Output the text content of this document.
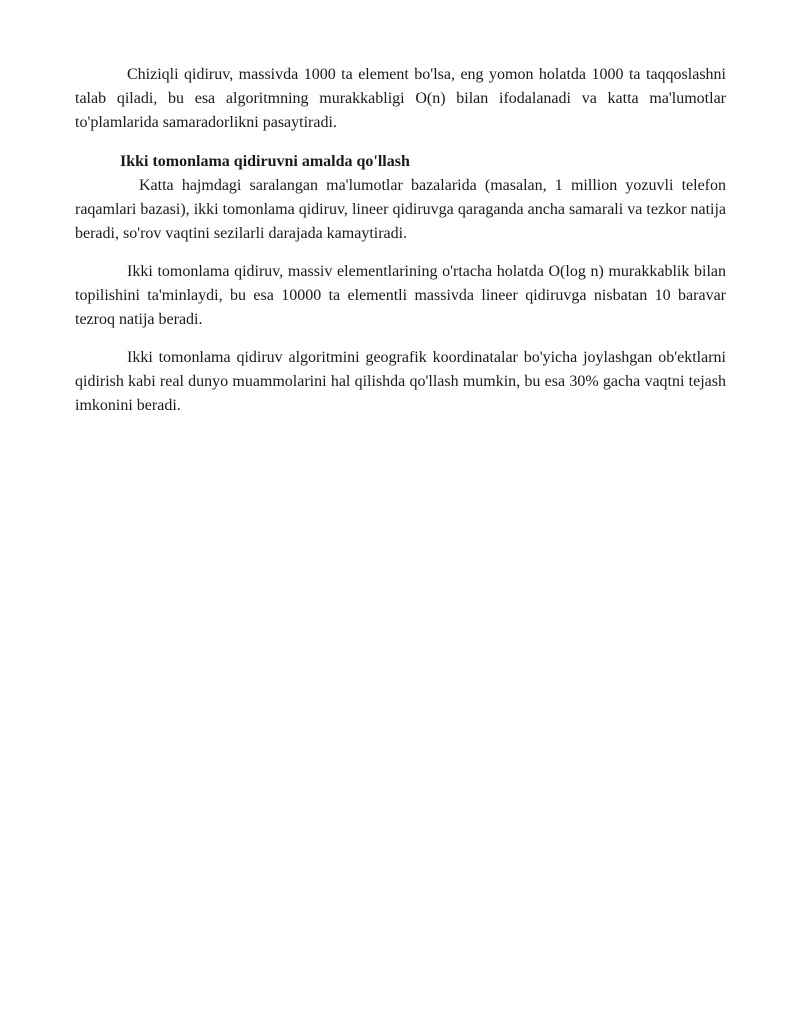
Chiziqli qidiruv, massivda 1000 ta element bo'lsa, eng yomon holatda 1000 ta taqqoslashni talab qiladi, bu esa algoritmning murakkabligi O(n) bilan ifodalanadi va katta ma'lumotlar to'plamlarida samaradorlikni pasaytiradi.

Ikki tomonlama qidiruvni amalda qo'llash

Katta hajmdagi saralangan ma'lumotlar bazalarida (masalan, 1 million yozuvli telefon raqamlari bazasi), ikki tomonlama qidiruv, lineer qidiruvga qaraganda ancha samarali va tezkor natija beradi, so'rov vaqtini sezilarli darajada kamaytiradi.

Ikki tomonlama qidiruv, massiv elementlarining o'rtacha holatda O(log n) murakkablik bilan topilishini ta'minlaydi, bu esa 10000 ta elementli massivda lineer qidiruvga nisbatan 10 baravar tezroq natija beradi.

Ikki tomonlama qidiruv algoritmini geografik koordinatalar bo'yicha joylashgan ob'ektlarni qidirish kabi real dunyo muammolarini hal qilishda qo'llash mumkin, bu esa 30% gacha vaqtni tejash imkonini beradi.
